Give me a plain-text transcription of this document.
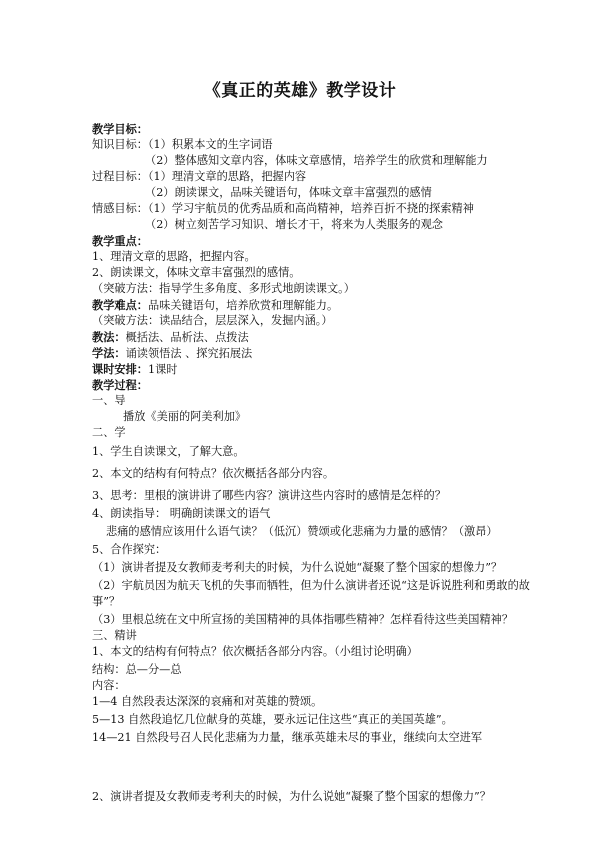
《真正的英雄》教学设计
教学目标：
知识目标：（1）积累本文的生字词语
（2）整体感知文章内容，体味文章感情，培养学生的欣赏和理解能力
过程目标：（1）理清文章的思路，把握内容
（2）朗读课文，品味关键语句，体味文章丰富强烈的感情
情感目标：（1）学习宇航员的优秀品质和高尚精神，培养百折不挠的探索精神
（2）树立刻苦学习知识、增长才干，将来为人类服务的观念
教学重点：
1、理清文章的思路，把握内容。
2、朗读课文，体味文章丰富强烈的感情。
（突破方法：指导学生多角度、多形式地朗读课文。）
教学难点：品味关键语句，培养欣赏和理解能力。
（突破方法：读品结合，层层深入，发掘内涵。）
教法：概括法、品析法、点拨法
学法：诵读领悟法 、探究拓展法
课时安排：1课时
教学过程：
一、导
播放《美丽的阿美利加》
二、学
1、学生自读课文，了解大意。
2、本文的结构有何特点？依次概括各部分内容。
3、思考：里根的演讲讲了哪些内容？演讲这些内容时的感情是怎样的？
4、朗读指导： 明确朗读课文的语气
悲痛的感情应该用什么语气读？（低沉）赞颂或化悲痛为力量的感情？（激昂）
5、合作探究：
（1）演讲者提及女教师麦考利夫的时候，为什么说她“凝聚了整个国家的想像力”？
（2）宇航员因为航天飞机的失事而牺牲，但为什么演讲者还说“这是诉说胜利和勇敢的故
事”？
（3）里根总统在文中所宣扬的美国精神的具体指哪些精神？怎样看待这些美国精神？
三、精讲
1、本文的结构有何特点？依次概括各部分内容。（小组讨论明确）
结构：总—分—总
内容：
1—4 自然段表达深深的哀痛和对英雄的赞颂。
5—13 自然段追忆几位献身的英雄，要永远记住这些“真正的美国英雄”。
14—21 自然段号召人民化悲痛为力量，继承英雄未尽的事业，继续向太空进军
2、演讲者提及女教师麦考利夫的时候，为什么说她“凝聚了整个国家的想像力”？
